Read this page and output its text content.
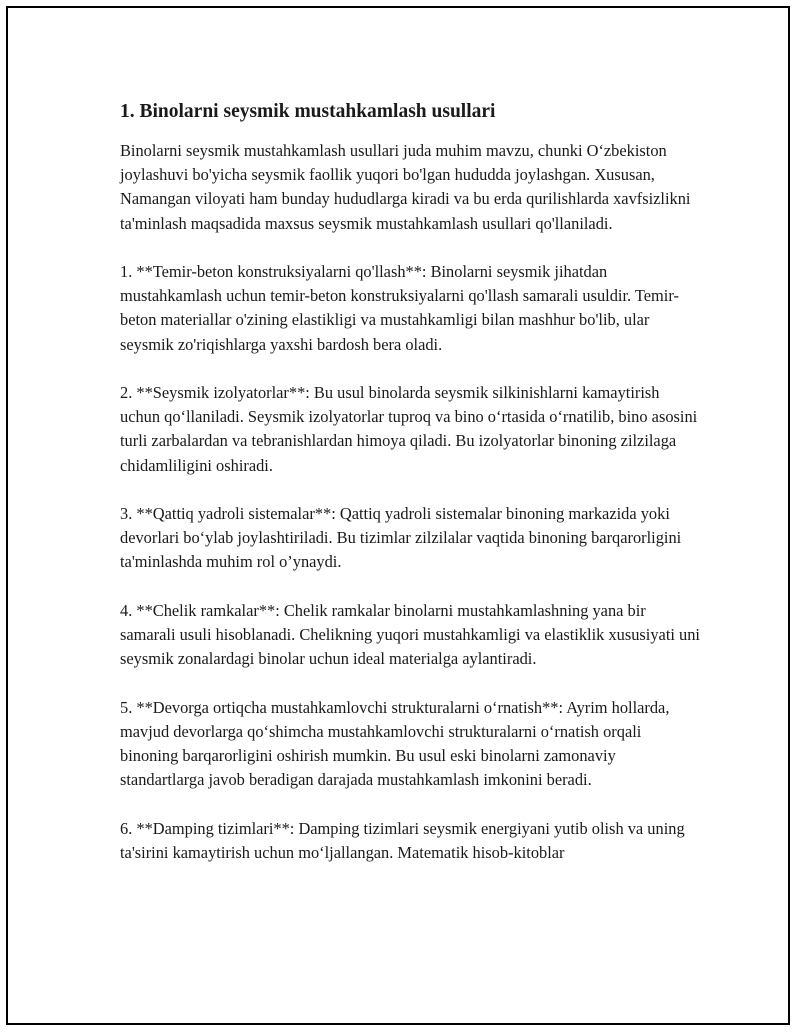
1. Binolarni seysmik mustahkamlash usullari

Binolarni seysmik mustahkamlash usullari juda muhim mavzu, chunki O‘zbekiston joylashuvi bo'yicha seysmik faollik yuqori bo'lgan hududda joylashgan. Xususan, Namangan viloyati ham bunday hududlarga kiradi va bu erda qurilishlarda xavfsizlikni ta'minlash maqsadida maxsus seysmik mustahkamlash usullari qo'llaniladi.

1. **Temir-beton konstruksiyalarni qo'llash**: Binolarni seysmik jihatdan mustahkamlash uchun temir-beton konstruksiyalarni qo'llash samarali usuldir. Temir-beton materiallar o'zining elastikligi va mustahkamligi bilan mashhur bo'lib, ular seysmik zo'riqishlarga yaxshi bardosh bera oladi.

2. **Seysmik izolyatorlar**: Bu usul binolarda seysmik silkinishlarni kamaytirish uchun qo‘llaniladi. Seysmik izolyatorlar tuproq va bino o‘rtasida o‘rnatilib, bino asosini turli zarbalardan va tebranishlardan himoya qiladi. Bu izolyatorlar binoning zilzilaga chidamliligini oshiradi.

3. **Qattiq yadroli sistemalar**: Qattiq yadroli sistemalar binoning markazida yoki devorlari bo‘ylab joylashtiriladi. Bu tizimlar zilzilalar vaqtida binoning barqarorligini ta'minlashda muhim rol o’ynaydi.

4. **Chelik ramkalar**: Chelik ramkalar binolarni mustahkamlashning yana bir samarali usuli hisoblanadi. Chelikning yuqori mustahkamligi va elastiklik xususiyati uni seysmik zonalardagi binolar uchun ideal materialga aylantiradi.

5. **Devorga ortiqcha mustahkamlovchi strukturalarni o‘rnatish**: Ayrim hollarda, mavjud devorlarga qo‘shimcha mustahkamlovchi strukturalarni o‘rnatish orqali binoning barqarorligini oshirish mumkin. Bu usul eski binolarni zamonaviy standartlarga javob beradigan darajada mustahkamlash imkonini beradi.

6. **Damping tizimlari**: Damping tizimlari seysmik energiyani yutib olish va uning ta'sirini kamaytirish uchun mo‘ljallangan. Matematik hisob-kitoblar
